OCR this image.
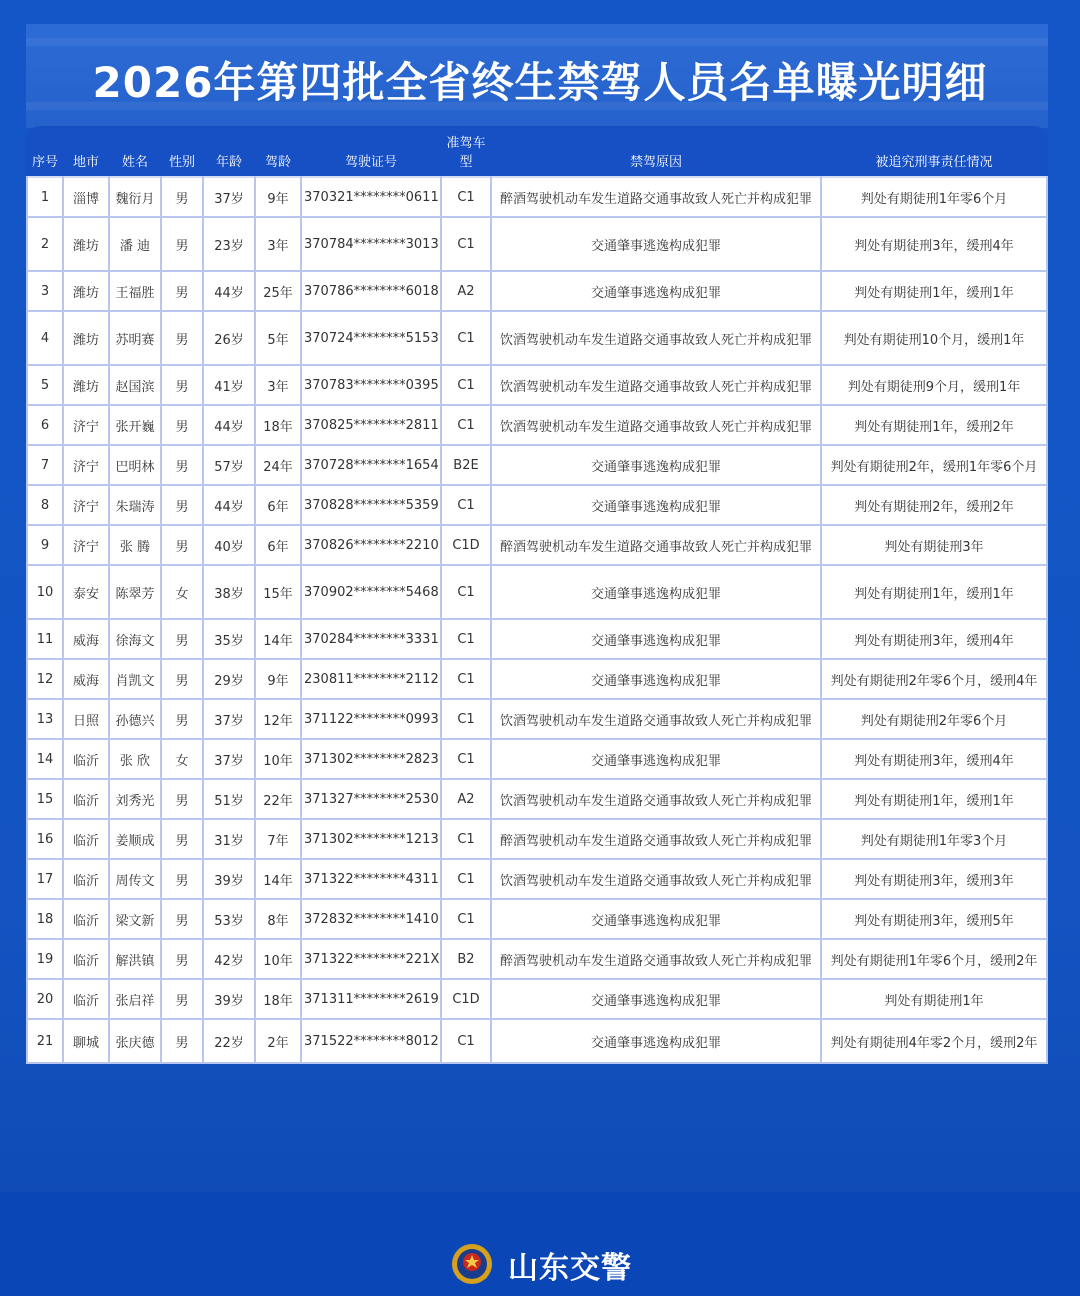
2026年第四批全省终生禁驾人员名单曝光明细
序号	地市	姓名	性别	年龄	驾龄	驾驶证号	准驾车型	禁驾原因	被追究刑事责任情况
1	淄博	魏衍月	男	37岁	9年	370321********0611	C1	醉酒驾驶机动车发生道路交通事故致人死亡并构成犯罪	判处有期徒刑1年零6个月
2	潍坊	潘 迪	男	23岁	3年	370784********3013	C1	交通肇事逃逸构成犯罪	判处有期徒刑3年，缓刑4年
3	潍坊	王福胜	男	44岁	25年	370786********6018	A2	交通肇事逃逸构成犯罪	判处有期徒刑1年，缓刑1年
4	潍坊	苏明赛	男	26岁	5年	370724********5153	C1	饮酒驾驶机动车发生道路交通事故致人死亡并构成犯罪	判处有期徒刑10个月，缓刑1年
5	潍坊	赵国滨	男	41岁	3年	370783********0395	C1	饮酒驾驶机动车发生道路交通事故致人死亡并构成犯罪	判处有期徒刑9个月，缓刑1年
6	济宁	张开巍	男	44岁	18年	370825********2811	C1	饮酒驾驶机动车发生道路交通事故致人死亡并构成犯罪	判处有期徒刑1年，缓刑2年
7	济宁	巴明林	男	57岁	24年	370728********1654	B2E	交通肇事逃逸构成犯罪	判处有期徒刑2年，缓刑1年零6个月
8	济宁	朱瑞涛	男	44岁	6年	370828********5359	C1	交通肇事逃逸构成犯罪	判处有期徒刑2年，缓刑2年
9	济宁	张 腾	男	40岁	6年	370826********2210	C1D	醉酒驾驶机动车发生道路交通事故致人死亡并构成犯罪	判处有期徒刑3年
10	泰安	陈翠芳	女	38岁	15年	370902********5468	C1	交通肇事逃逸构成犯罪	判处有期徒刑1年，缓刑1年
11	威海	徐海文	男	35岁	14年	370284********3331	C1	交通肇事逃逸构成犯罪	判处有期徒刑3年，缓刑4年
12	威海	肖凯文	男	29岁	9年	230811********2112	C1	交通肇事逃逸构成犯罪	判处有期徒刑2年零6个月，缓刑4年
13	日照	孙德兴	男	37岁	12年	371122********0993	C1	饮酒驾驶机动车发生道路交通事故致人死亡并构成犯罪	判处有期徒刑2年零6个月
14	临沂	张 欣	女	37岁	10年	371302********2823	C1	交通肇事逃逸构成犯罪	判处有期徒刑3年，缓刑4年
15	临沂	刘秀光	男	51岁	22年	371327********2530	A2	饮酒驾驶机动车发生道路交通事故致人死亡并构成犯罪	判处有期徒刑1年，缓刑1年
16	临沂	姜顺成	男	31岁	7年	371302********1213	C1	醉酒驾驶机动车发生道路交通事故致人死亡并构成犯罪	判处有期徒刑1年零3个月
17	临沂	周传文	男	39岁	14年	371322********4311	C1	饮酒驾驶机动车发生道路交通事故致人死亡并构成犯罪	判处有期徒刑3年，缓刑3年
18	临沂	梁文新	男	53岁	8年	372832********1410	C1	交通肇事逃逸构成犯罪	判处有期徒刑3年，缓刑5年
19	临沂	解洪镇	男	42岁	10年	371322********221X	B2	醉酒驾驶机动车发生道路交通事故致人死亡并构成犯罪	判处有期徒刑1年零6个月，缓刑2年
20	临沂	张启祥	男	39岁	18年	371311********2619	C1D	交通肇事逃逸构成犯罪	判处有期徒刑1年
21	聊城	张庆德	男	22岁	2年	371522********8012	C1	交通肇事逃逸构成犯罪	判处有期徒刑4年零2个月，缓刑2年
山东交警
